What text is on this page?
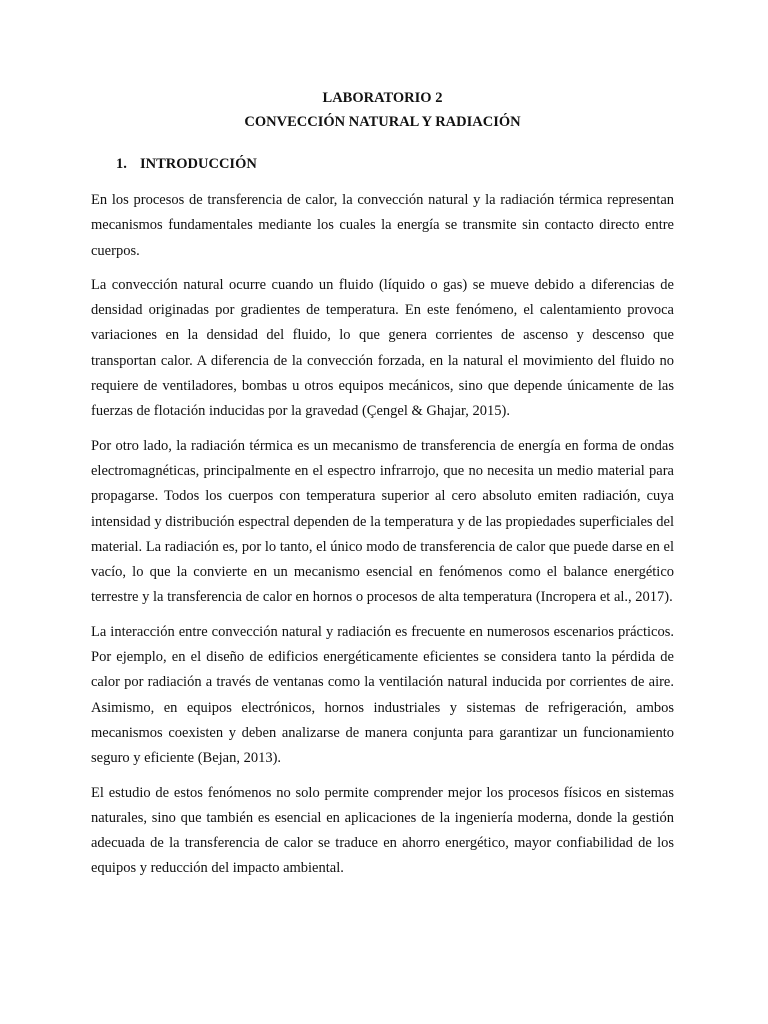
LABORATORIO 2

CONVECCIÓN NATURAL Y RADIACIÓN

1. INTRODUCCIÓN

En los procesos de transferencia de calor, la convección natural y la radiación térmica representan mecanismos fundamentales mediante los cuales la energía se transmite sin contacto directo entre cuerpos.

La convección natural ocurre cuando un fluido (líquido o gas) se mueve debido a diferencias de densidad originadas por gradientes de temperatura. En este fenómeno, el calentamiento provoca variaciones en la densidad del fluido, lo que genera corrientes de ascenso y descenso que transportan calor. A diferencia de la convección forzada, en la natural el movimiento del fluido no requiere de ventiladores, bombas u otros equipos mecánicos, sino que depende únicamente de las fuerzas de flotación inducidas por la gravedad (Çengel & Ghajar, 2015).

Por otro lado, la radiación térmica es un mecanismo de transferencia de energía en forma de ondas electromagnéticas, principalmente en el espectro infrarrojo, que no necesita un medio material para propagarse. Todos los cuerpos con temperatura superior al cero absoluto emiten radiación, cuya intensidad y distribución espectral dependen de la temperatura y de las propiedades superficiales del material. La radiación es, por lo tanto, el único modo de transferencia de calor que puede darse en el vacío, lo que la convierte en un mecanismo esencial en fenómenos como el balance energético terrestre y la transferencia de calor en hornos o procesos de alta temperatura (Incropera et al., 2017).

La interacción entre convección natural y radiación es frecuente en numerosos escenarios prácticos. Por ejemplo, en el diseño de edificios energéticamente eficientes se considera tanto la pérdida de calor por radiación a través de ventanas como la ventilación natural inducida por corrientes de aire. Asimismo, en equipos electrónicos, hornos industriales y sistemas de refrigeración, ambos mecanismos coexisten y deben analizarse de manera conjunta para garantizar un funcionamiento seguro y eficiente (Bejan, 2013).

El estudio de estos fenómenos no solo permite comprender mejor los procesos físicos en sistemas naturales, sino que también es esencial en aplicaciones de la ingeniería moderna, donde la gestión adecuada de la transferencia de calor se traduce en ahorro energético, mayor confiabilidad de los equipos y reducción del impacto ambiental.
